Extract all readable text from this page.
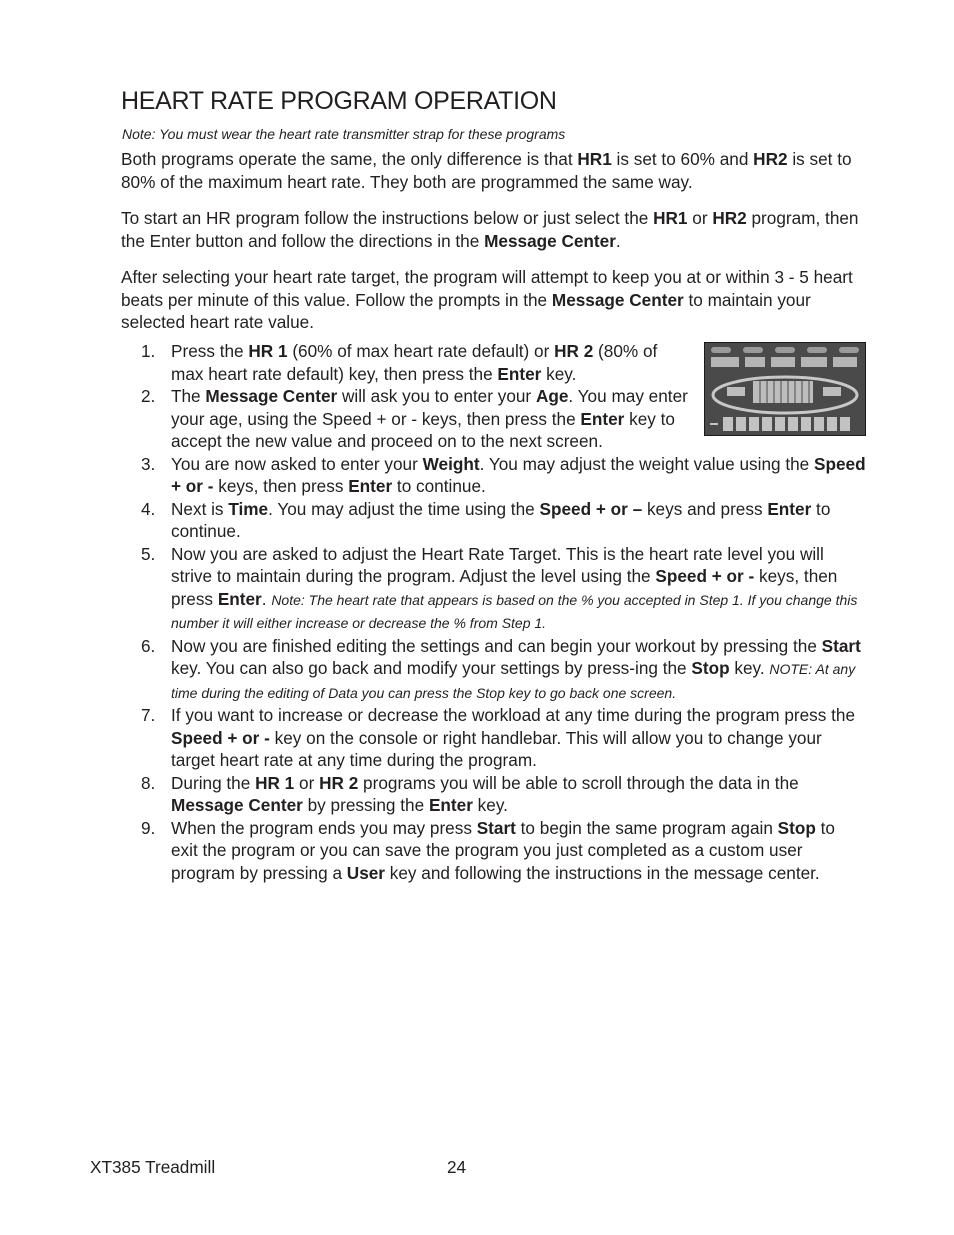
HEART RATE PROGRAM OPERATION

Note: You must wear the heart rate transmitter strap for these programs

Both programs operate the same, the only difference is that HR1 is set to 60% and HR2 is set to 80% of the maximum heart rate. They both are programmed the same way.

To start an HR program follow the instructions below or just select the HR1 or HR2 program, then the Enter button and follow the directions in the Message Center.

After selecting your heart rate target, the program will attempt to keep you at or within 3 - 5 heart beats per minute of this value. Follow the prompts in the Message Center to maintain your selected heart rate value.

1. Press the HR 1 (60% of max heart rate default) or HR 2 (80% of max heart rate default) key, then press the Enter key.
2. The Message Center will ask you to enter your Age. You may enter your age, using the Speed + or - keys, then press the Enter key to accept the new value and proceed on to the next screen.
3. You are now asked to enter your Weight. You may adjust the weight value using the Speed + or - keys, then press Enter to continue.
4. Next is Time. You may adjust the time using the Speed + or – keys and press Enter to continue.
5. Now you are asked to adjust the Heart Rate Target. This is the heart rate level you will strive to maintain during the program. Adjust the level using the Speed + or - keys, then press Enter. Note: The heart rate that appears is based on the % you accepted in Step 1. If you change this number it will either increase or decrease the % from Step 1.
6. Now you are finished editing the settings and can begin your workout by pressing the Start key. You can also go back and modify your settings by press-ing the Stop key. NOTE: At any time during the editing of Data you can press the Stop key to go back one screen.
7. If you want to increase or decrease the workload at any time during the program press the Speed + or - key on the console or right handlebar. This will allow you to change your target heart rate at any time during the program.
8. During the HR 1 or HR 2 programs you will be able to scroll through the data in the Message Center by pressing the Enter key.
9. When the program ends you may press Start to begin the same program again Stop to exit the program or you can save the program you just completed as a custom user program by pressing a User key and following the instructions in the message center.
XT385 Treadmill	24
